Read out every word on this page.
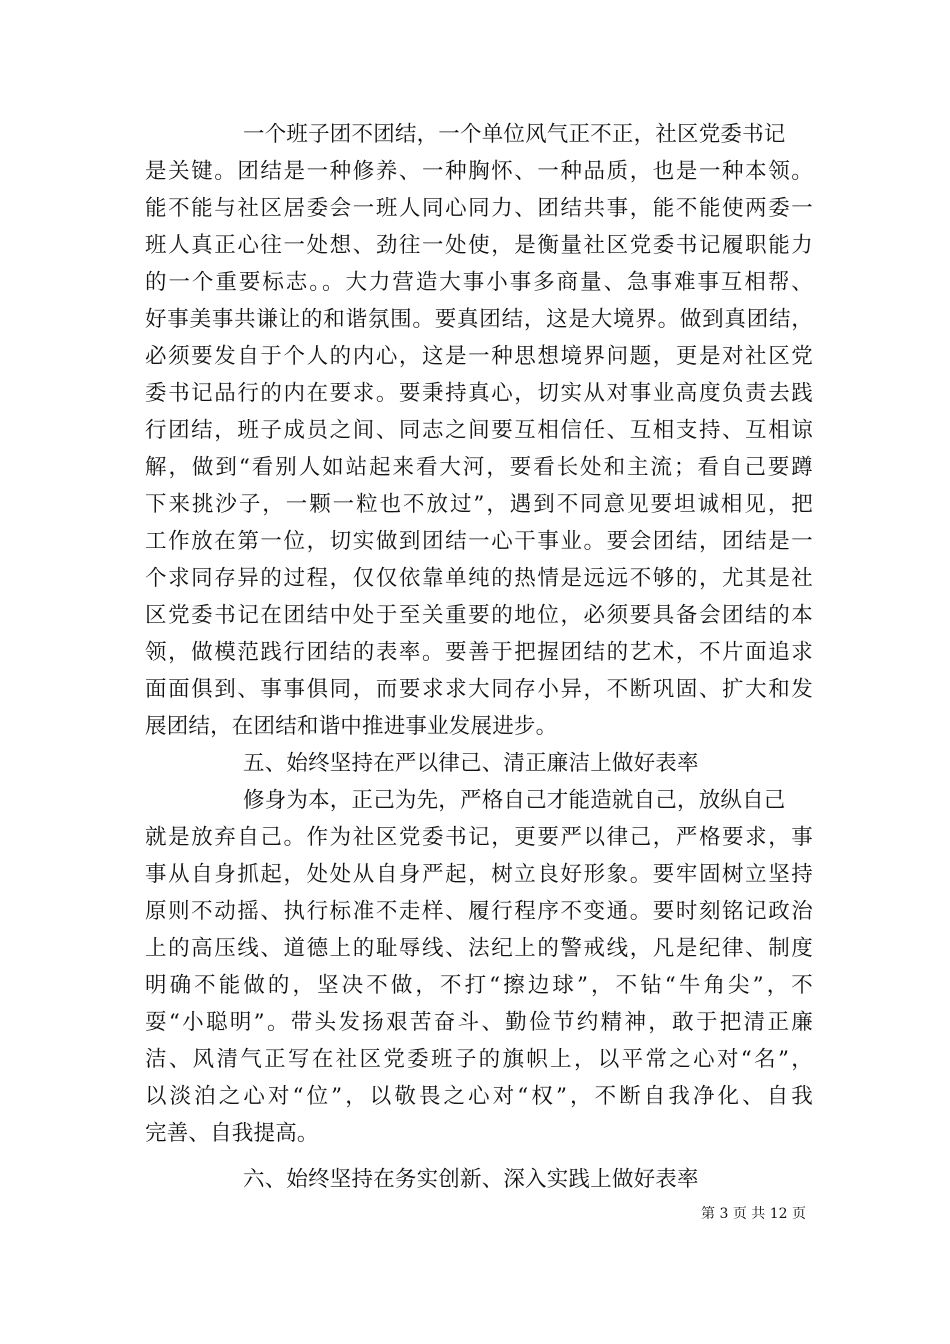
一个班子团不团结，一个单位风气正不正，社区党委书记
是关键。团结是一种修养、一种胸怀、一种品质，也是一种本领。
能不能与社区居委会一班人同心同力、团结共事，能不能使两委一
班人真正心往一处想、劲往一处使，是衡量社区党委书记履职能力
的一个重要标志。。大力营造大事小事多商量、急事难事互相帮、
好事美事共谦让的和谐氛围。要真团结，这是大境界。做到真团结，
必须要发自于个人的内心，这是一种思想境界问题，更是对社区党
委书记品行的内在要求。要秉持真心，切实从对事业高度负责去践
行团结，班子成员之间、同志之间要互相信任、互相支持、互相谅
解，做到“看别人如站起来看大河，要看长处和主流；看自己要蹲
下来挑沙子，一颗一粒也不放过”，遇到不同意见要坦诚相见，把
工作放在第一位，切实做到团结一心干事业。要会团结，团结是一
个求同存异的过程，仅仅依靠单纯的热情是远远不够的，尤其是社
区党委书记在团结中处于至关重要的地位，必须要具备会团结的本
领，做模范践行团结的表率。要善于把握团结的艺术，不片面追求
面面俱到、事事俱同，而要求求大同存小异，不断巩固、扩大和发
展团结，在团结和谐中推进事业发展进步。
五、始终坚持在严以律己、清正廉洁上做好表率
修身为本，正己为先，严格自己才能造就自己，放纵自己
就是放弃自己。作为社区党委书记，更要严以律己，严格要求，事
事从自身抓起，处处从自身严起，树立良好形象。要牢固树立坚持
原则不动摇、执行标准不走样、履行程序不变通。要时刻铭记政治
上的高压线、道德上的耻辱线、法纪上的警戒线，凡是纪律、制度
明确不能做的，坚决不做，不打“擦边球”，不钻“牛角尖”，不
耍“小聪明”。带头发扬艰苦奋斗、勤俭节约精神，敢于把清正廉
洁、风清气正写在社区党委班子的旗帜上，以平常之心对“名”，
以淡泊之心对“位”，以敬畏之心对“权”，不断自我净化、自我
完善、自我提高。
六、始终坚持在务实创新、深入实践上做好表率
第 3 页 共 12 页
